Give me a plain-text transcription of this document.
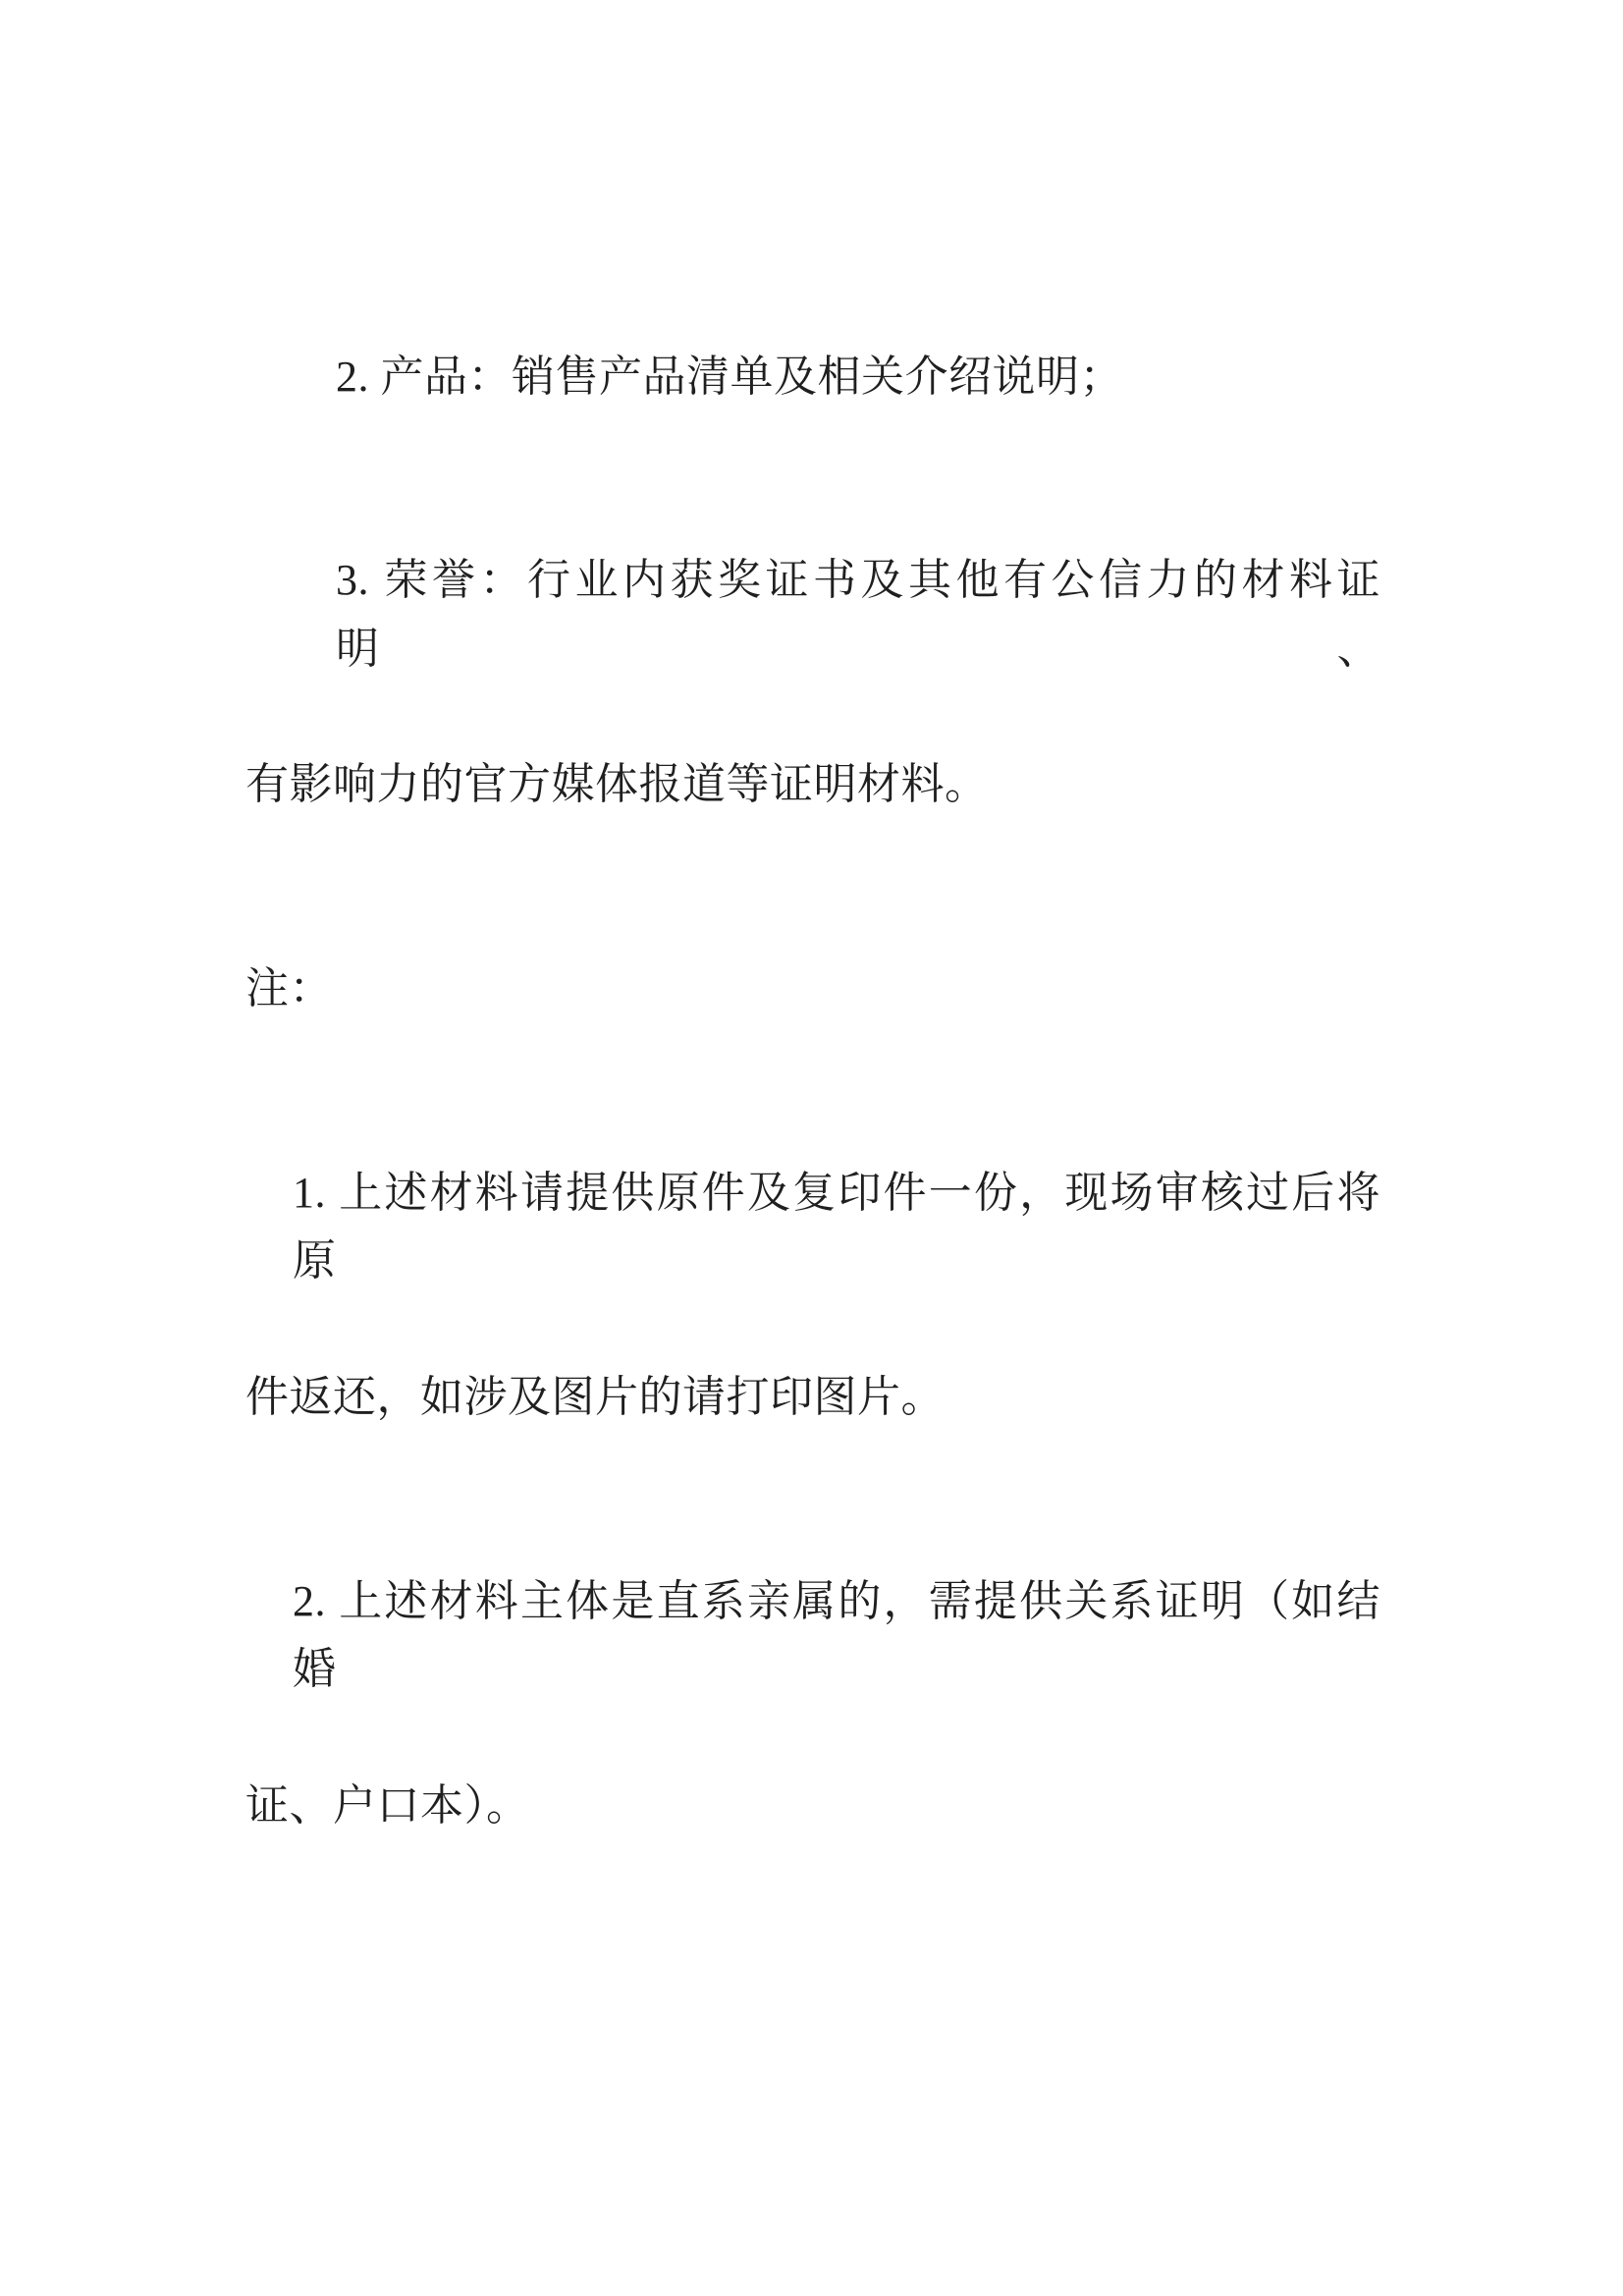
2. 产品：销售产品清单及相关介绍说明；

3. 荣誉：行业内获奖证书及其他有公信力的材料证明、

有影响力的官方媒体报道等证明材料。

注：

1. 上述材料请提供原件及复印件一份，现场审核过后将原

件返还，如涉及图片的请打印图片。

2. 上述材料主体是直系亲属的，需提供关系证明（如结婚

证、户口本）。
